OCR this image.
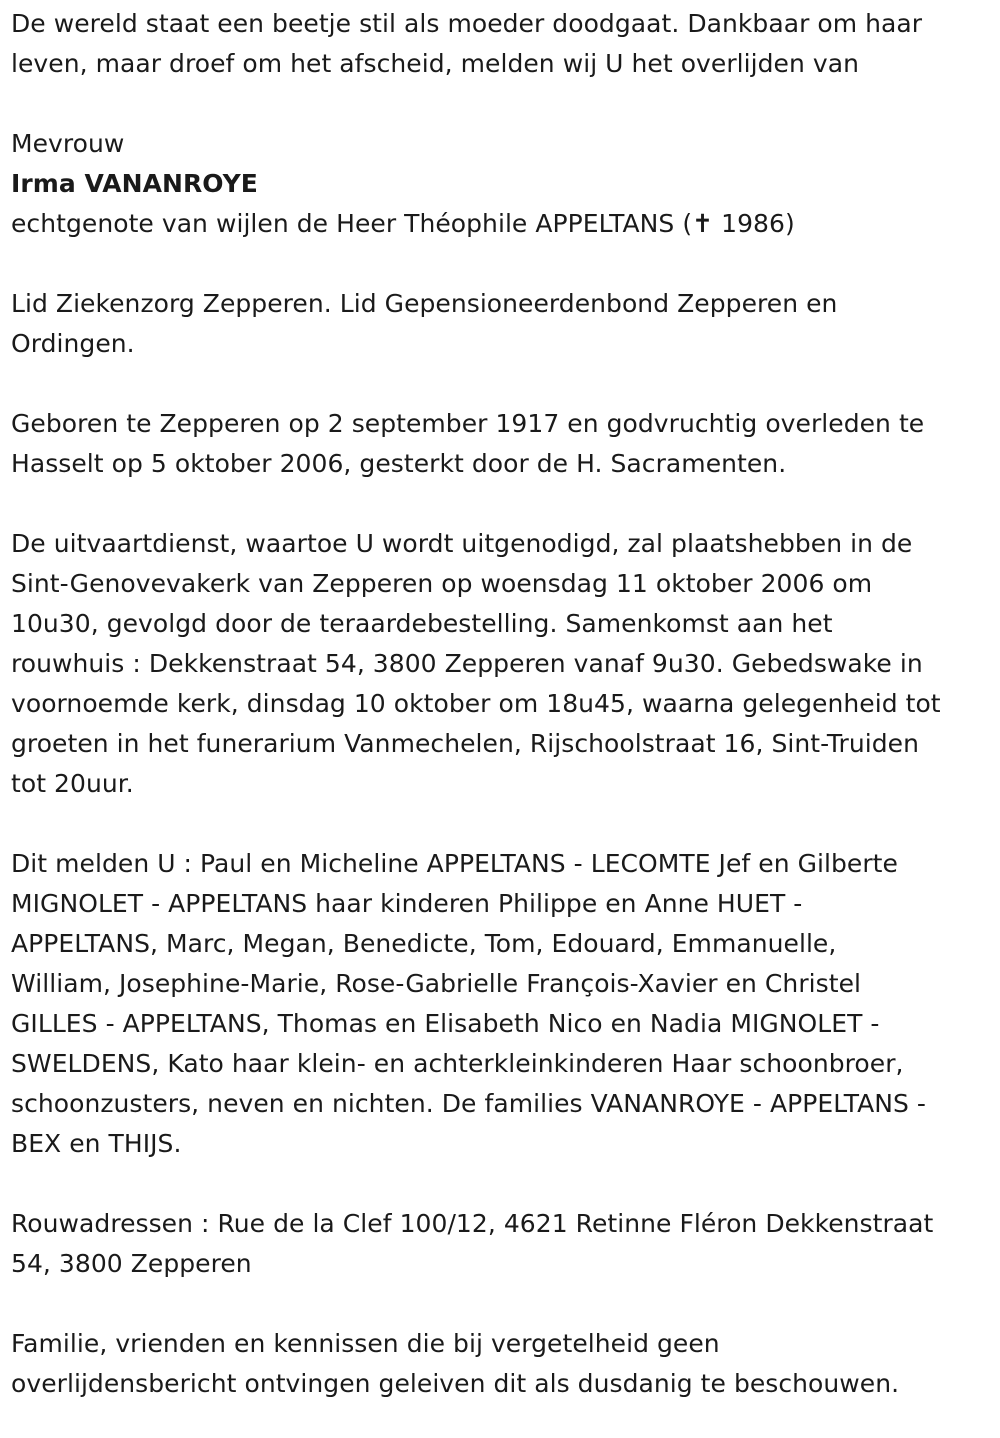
De wereld staat een beetje stil als moeder doodgaat. Dankbaar om haar
leven, maar droef om het afscheid, melden wij U het overlijden van

Mevrouw

Irma VANANROYE

echtgenote van wijlen de Heer Théophile APPELTANS (✝ 1986)

Lid Ziekenzorg Zepperen. Lid Gepensioneerdenbond Zepperen en
Ordingen.

Geboren te Zepperen op 2 september 1917 en godvruchtig overleden te
Hasselt op 5 oktober 2006, gesterkt door de H. Sacramenten.

De uitvaartdienst, waartoe U wordt uitgenodigd, zal plaatshebben in de
Sint-Genovevakerk van Zepperen op woensdag 11 oktober 2006 om
10u30, gevolgd door de teraardebestelling. Samenkomst aan het
rouwhuis : Dekkenstraat 54, 3800 Zepperen vanaf 9u30. Gebedswake in
voornoemde kerk, dinsdag 10 oktober om 18u45, waarna gelegenheid tot
groeten in het funerarium Vanmechelen, Rijschoolstraat 16, Sint-Truiden
tot 20uur.

Dit melden U : Paul en Micheline APPELTANS - LECOMTE Jef en Gilberte
MIGNOLET - APPELTANS haar kinderen Philippe en Anne HUET -
APPELTANS, Marc, Megan, Benedicte, Tom, Edouard, Emmanuelle,
William, Josephine-Marie, Rose-Gabrielle François-Xavier en Christel
GILLES - APPELTANS, Thomas en Elisabeth Nico en Nadia MIGNOLET -
SWELDENS, Kato haar klein- en achterkleinkinderen Haar schoonbroer,
schoonzusters, neven en nichten. De families VANANROYE - APPELTANS -
BEX en THIJS.

Rouwadressen : Rue de la Clef 100/12, 4621 Retinne Fléron Dekkenstraat
54, 3800 Zepperen

Familie, vrienden en kennissen die bij vergetelheid geen
overlijdensbericht ontvingen geleiven dit als dusdanig te beschouwen.
